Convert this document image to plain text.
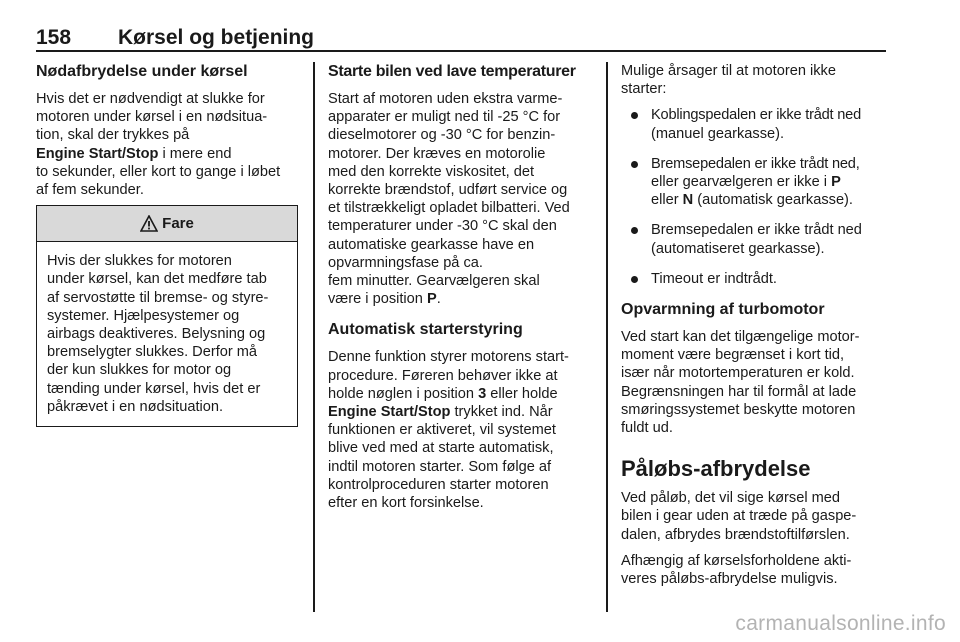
158 Kørsel og betjening
Nødafbrydelse under kørsel

Hvis det er nødvendigt at slukke for
motoren under kørsel i en nødsitua-
tion, skal der trykkes på
Engine Start/Stop i mere end
to sekunder, eller kort to gange i løbet
af fem sekunder.

Fare

Hvis der slukkes for motoren
under kørsel, kan det medføre tab
af servostøtte til bremse- og styre-
systemer. Hjælpesystemer og
airbags deaktiveres. Belysning og
bremselygter slukkes. Derfor må
der kun slukkes for motor og
tænding under kørsel, hvis det er
påkrævet i en nødsituation.

Starte bilen ved lave temperaturer

Start af motoren uden ekstra varme-
apparater er muligt ned til -25 °C for
dieselmotorer og -30 °C for benzin-
motorer. Der kræves en motorolie
med den korrekte viskositet, det
korrekte brændstof, udført service og
et tilstrækkeligt opladet bilbatteri. Ved
temperaturer under -30 °C skal den
automatiske gearkasse have en
opvarmningsfase på ca.
fem minutter. Gearvælgeren skal
være i position P.

Automatisk starterstyring

Denne funktion styrer motorens start-
procedure. Føreren behøver ikke at
holde nøglen i position 3 eller holde
Engine Start/Stop trykket ind. Når
funktionen er aktiveret, vil systemet
blive ved med at starte automatisk,
indtil motoren starter. Som følge af
kontrolproceduren starter motoren
efter en kort forsinkelse.

Mulige årsager til at motoren ikke
starter:

Koblingspedalen er ikke trådt ned
(manuel gearkasse).
Bremsepedalen er ikke trådt ned,
eller gearvælgeren er ikke i P
eller N (automatisk gearkasse).
Bremsepedalen er ikke trådt ned
(automatiseret gearkasse).
Timeout er indtrådt.
Opvarmning af turbomotor

Ved start kan det tilgængelige motor-
moment være begrænset i kort tid,
især når motortemperaturen er kold.
Begrænsningen har til formål at lade
smøringssystemet beskytte motoren
fuldt ud.

Påløbs-afbrydelse

Ved påløb, det vil sige kørsel med
bilen i gear uden at træde på gaspe-
dalen, afbrydes brændstoftilførslen.

Afhængig af kørselsforholdene akti-
veres påløbs-afbrydelse muligvis.

carmanualsonline.info
